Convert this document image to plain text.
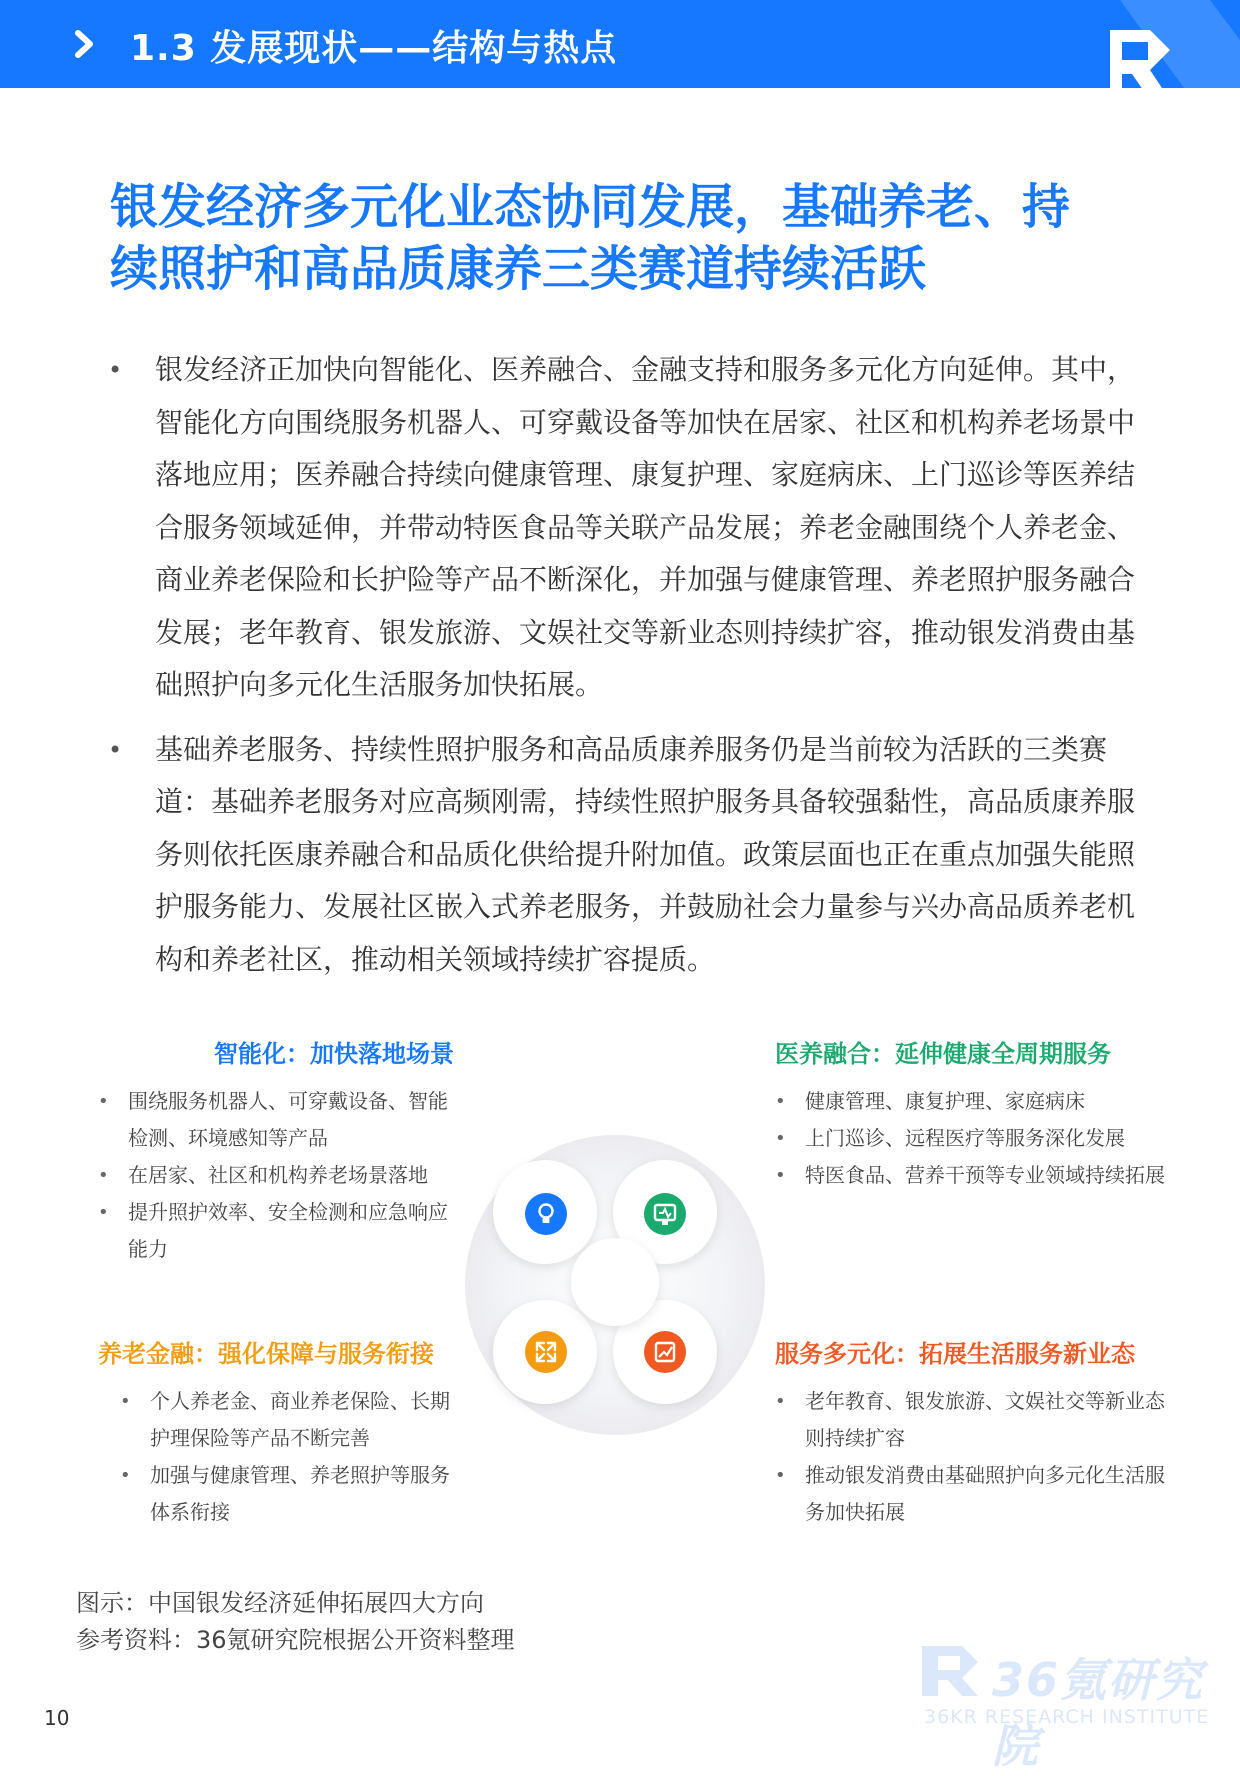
1.3 发展现状——结构与热点
银发经济多元化业态协同发展，基础养老、持
续照护和高品质康养三类赛道持续活跃
• 银发经济正加快向智能化、医养融合、金融支持和服务多元化方向延伸。其中，智能化方向围绕服务机器人、可穿戴设备等加快在居家、社区和机构养老场景中落地应用；医养融合持续向健康管理、康复护理、家庭病床、上门巡诊等医养结合服务领域延伸，并带动特医食品等关联产品发展；养老金融围绕个人养老金、商业养老保险和长护险等产品不断深化，并加强与健康管理、养老照护服务融合发展；老年教育、银发旅游、文娱社交等新业态则持续扩容，推动银发消费由基础照护向多元化生活服务加快拓展。
• 基础养老服务、持续性照护服务和高品质康养服务仍是当前较为活跃的三类赛道：基础养老服务对应高频刚需，持续性照护服务具备较强黏性，高品质康养服务则依托医康养融合和品质化供给提升附加值。政策层面也正在重点加强失能照护服务能力、发展社区嵌入式养老服务，并鼓励社会力量参与兴办高品质养老机构和养老社区，推动相关领域持续扩容提质。
智能化：加快落地场景
• 围绕服务机器人、可穿戴设备、智能检测、环境感知等产品
• 在居家、社区和机构养老场景落地
• 提升照护效率、安全检测和应急响应能力
医养融合：延伸健康全周期服务
• 健康管理、康复护理、家庭病床
• 上门巡诊、远程医疗等服务深化发展
• 特医食品、营养干预等专业领域持续拓展
养老金融：强化保障与服务衔接
• 个人养老金、商业养老保险、长期护理保险等产品不断完善
• 加强与健康管理、养老照护等服务体系衔接
服务多元化：拓展生活服务新业态
• 老年教育、银发旅游、文娱社交等新业态则持续扩容
• 推动银发消费由基础照护向多元化生活服务加快拓展
图示：中国银发经济延伸拓展四大方向
参考资料：36氪研究院根据公开资料整理
10
36氪研究院
36KR RESEARCH INSTITUTE
